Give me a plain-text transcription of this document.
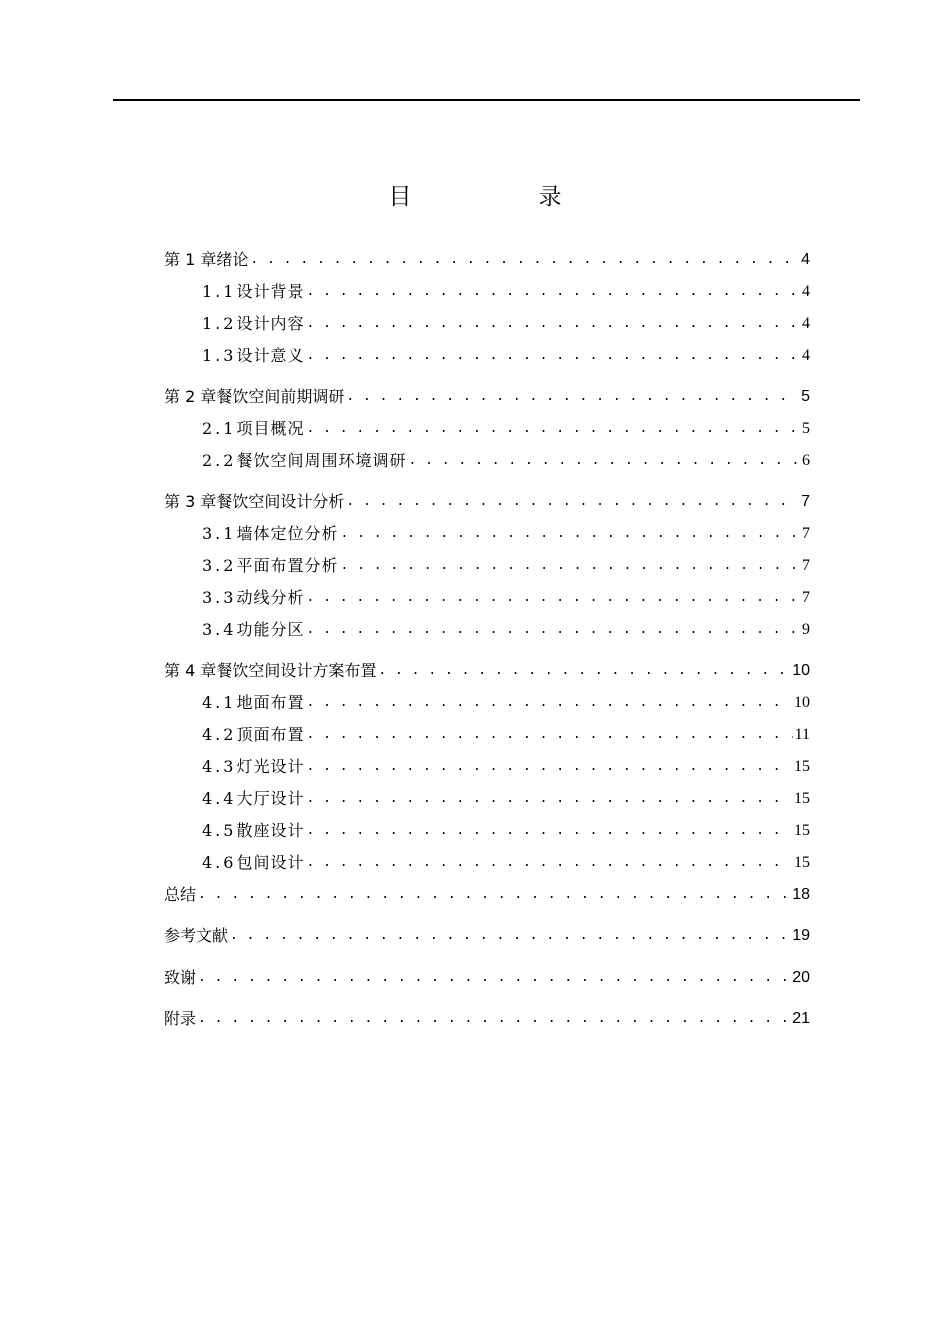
目　录
第 1 章 绪论 . . .	4
1.1 设计背景 . . .	4
1.2 设计内容 . . .	4
1.3 设计意义 . . .	4
第 2 章 餐饮空间前期调研 . . .	5
2.1 项目概况 . . .	5
2.2 餐饮空间周围环境调研 . . .	6
第 3 章 餐饮空间设计分析 . . .	7
3.1 墙体定位分析 . . .	7
3.2 平面布置分析 . . .	7
3.3 动线分析 . . .	7
3.4 功能分区 . . .	9
第 4 章 餐饮空间设计方案布置 . . .	10
4.1 地面布置 . . .	10
4.2 顶面布置 . . .	11
4.3 灯光设计 . . .	15
4.4 大厅设计 . . .	15
4.5 散座设计 . . .	15
4.6 包间设计 . . .	15
总结 . . .	18
参考文献 . . .	19
致谢 . . .	20
附录 . . .	21
